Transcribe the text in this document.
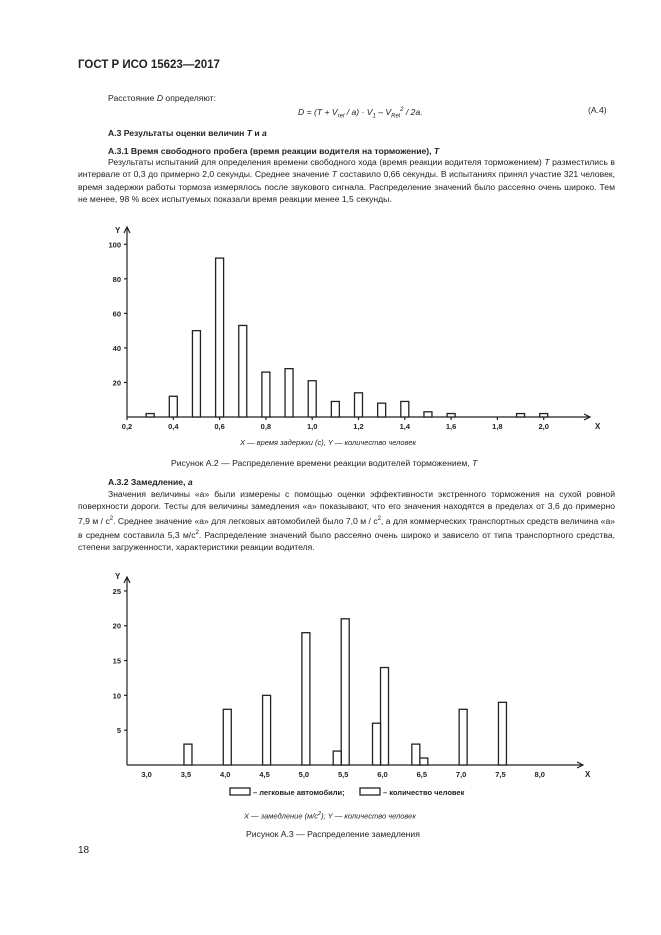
ГОСТ Р ИСО 15623—2017
Расстояние D определяют:
$D = (T + V_{rel} / a) \cdot V_1 - V_{Rel}^2 / 2a$.	(A.4)
A.3 Результаты оценки величин T и a
А.3.1 Время свободного пробега (время реакции водителя на торможение), T
Результаты испытаний для определения времени свободного хода (время реакции водителя торможением) T разместились в интервале от 0,3 до примерно 2,0 секунды. Среднее значение T составило 0,66 секунды. В испытаниях принял участие 321 человек, время задержки работы тормоза измерялось после звукового сигнала. Распределение значений было рассеяно очень широко. Тем не менее, 98 % всех испытуемых показали время реакции менее 1,5 секунды.
X
Y
20
40
60
80
100
0,2	0,4	0,6	0,8	1,0	1,2	1,4	1,6	1,8	2,0
X — время задержки (с), Y — количество человек
Рисунок А.2 — Распределение времени реакции водителей торможением, T
А.3.2 Замедление, a
Значения величины «a» были измерены с помощью оценки эффективности экстренного торможения на сухой ровной поверхности дороги. Тесты для величины замедления «a» показывают, что его значения находятся в пределах от 3,6 до примерно 7,9 м / $с^2$. Среднее значение «a» для легковых автомобилей было 7,0 м / $с^2$, а для коммерческих транспортных средств величина «a» в среднем составила 5,3 $м/с^2$. Распределение значений было рассеяно очень широко и зависело от типа транспортного средства, степени загруженности, характеристики реакции водителя.
X
Y
5
10
15
20
25
3,0	3,5	4,0	4,5	5,0	5,5	6,0	6,5	7,0	7,5	8,0
– легковые автомобили;	– количество человек
X — замедление $(м/с^2)$; Y — количество человек
Рисунок А.3 — Распределение замедления
18
